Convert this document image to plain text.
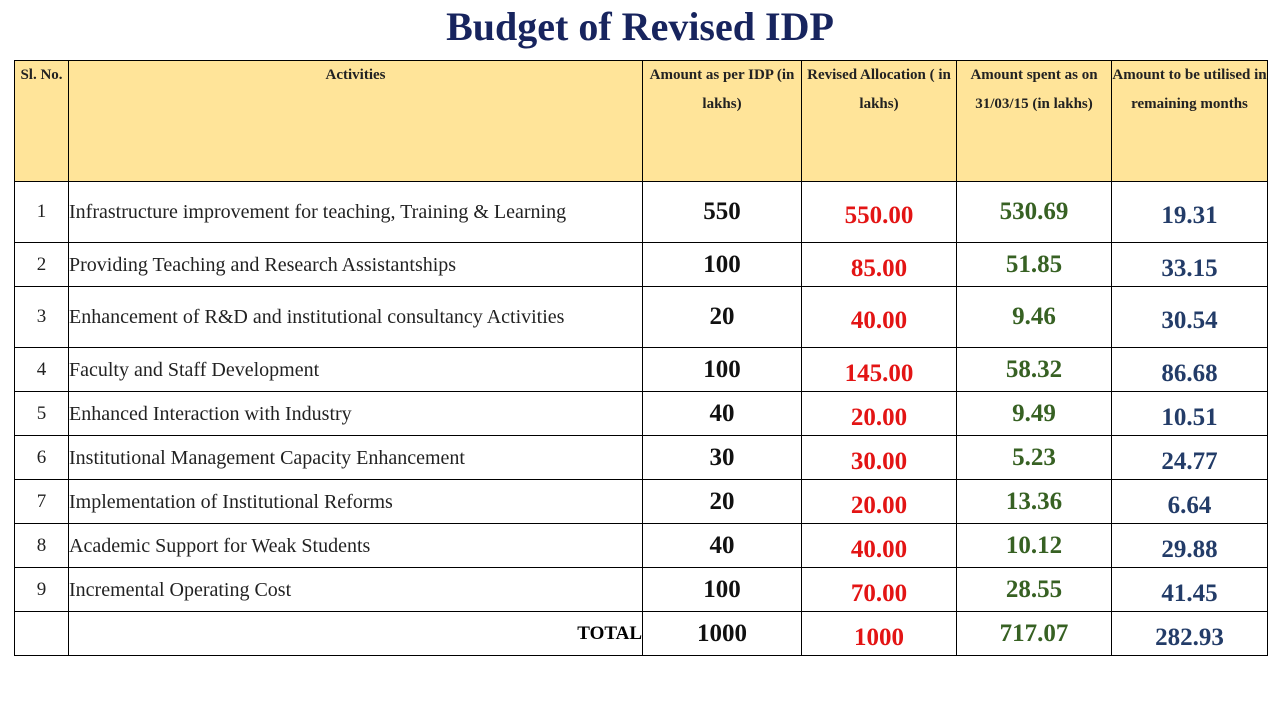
Budget of Revised IDP
Sl. No.	Activities	Amount as per IDP (in lakhs)	Revised Allocation ( in lakhs)	Amount spent as on 31/03/15 (in lakhs)	Amount to be utilised in remaining months
1	Infrastructure improvement for teaching, Training & Learning	550	550.00	530.69	19.31
2	Providing Teaching and Research Assistantships	100	85.00	51.85	33.15
3	Enhancement of R&D and institutional consultancy Activities	20	40.00	9.46	30.54
4	Faculty and Staff Development	100	145.00	58.32	86.68
5	Enhanced Interaction with Industry	40	20.00	9.49	10.51
6	Institutional Management Capacity Enhancement	30	30.00	5.23	24.77
7	Implementation of Institutional Reforms	20	20.00	13.36	6.64
8	Academic Support for Weak Students	40	40.00	10.12	29.88
9	Incremental Operating Cost	100	70.00	28.55	41.45
	TOTAL	1000	1000	717.07	282.93
